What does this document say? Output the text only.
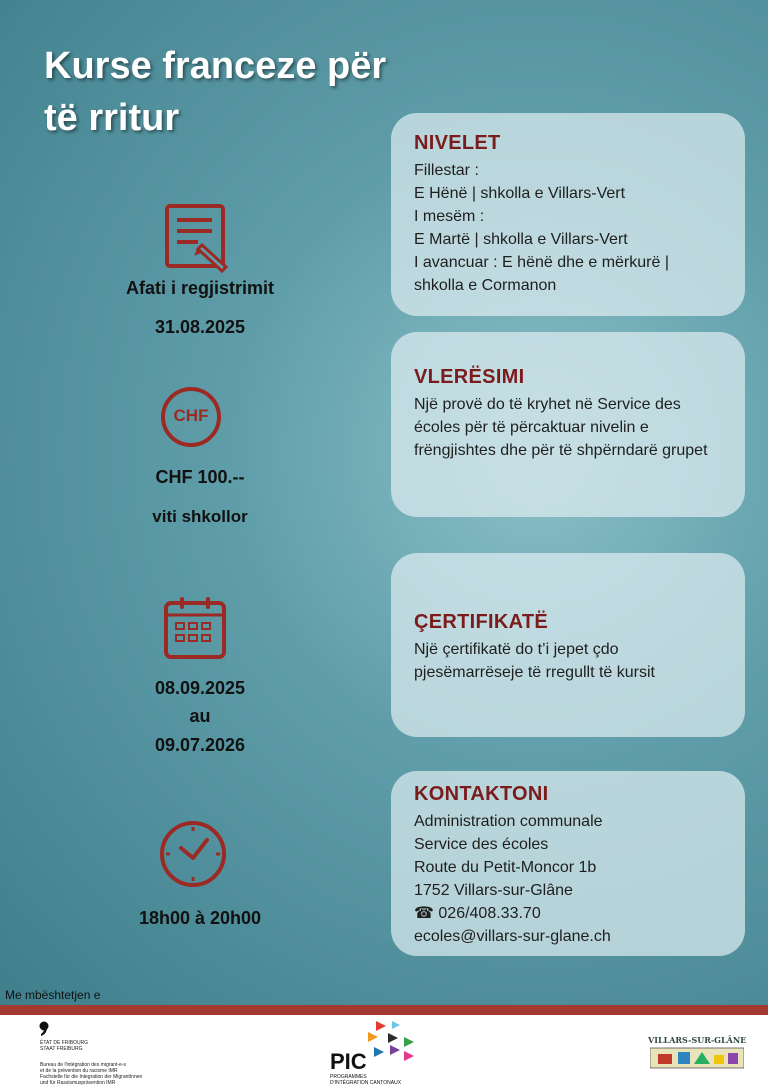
Kurse franceze për
të rritur
Afati i regjistrimit
31.08.2025
CHF
CHF 100.--
viti shkollor
08.09.2025
au
09.07.2026
18h00 à 20h00
NIVELET
Fillestar :
E Hënë | shkolla e Villars-Vert
I mesëm :
E Martë | shkolla e Villars-Vert
I avancuar : E hënë dhe e mërkurë |
shkolla e Cormanon
VLERËSIMI
Një provë do të kryhet në Service des écoles për të përcaktuar nivelin e frëngjishtes dhe për të shpërndarë grupet
ÇERTIFIKATË
Një çertifikatë do t’i jepet çdo pjesëmarrëseje të rregullt të kursit
KONTAKTONI
Administration communale
Service des écoles
Route du Petit-Moncor 1b
1752 Villars-sur-Glâne
☎ 026/408.33.70
ecoles@villars-sur-glane.ch
Me mbështetjen e
ÉTAT DE FRIBOURG
STAAT FREIBURG
Bureau de l'intégration des migrant-e-s
et de la prévention du racisme IMR
Fachstelle für die Integration der MigrantInnen
und für Rassismusprävention IMR
PIC
PROGRAMMES
D'INTÉGRATION CANTONAUX
VILLARS-SUR-GLÂNE
